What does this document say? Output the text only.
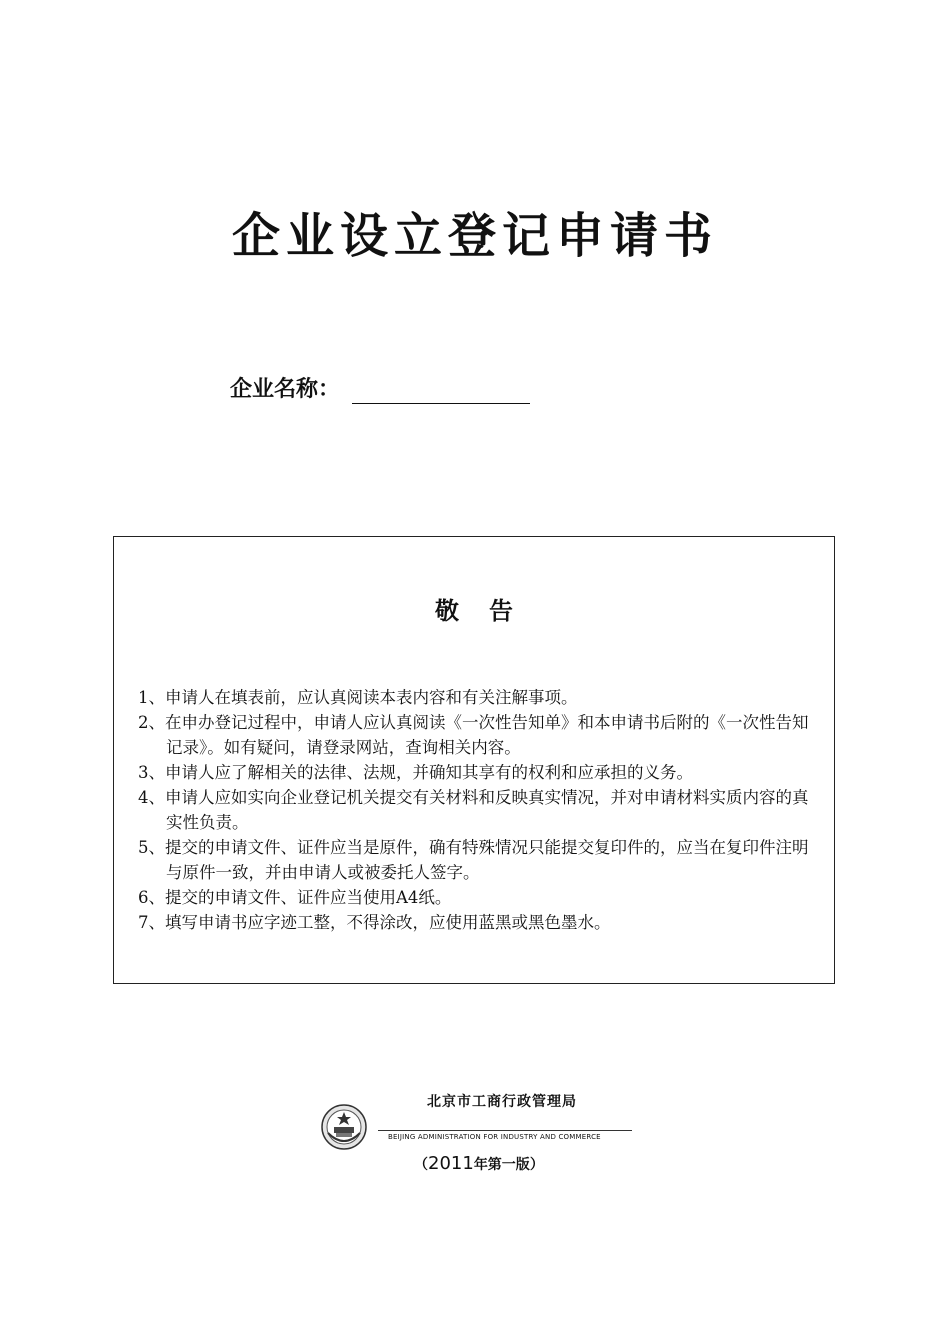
企业设立登记申请书
企业名称：
敬告
1、申请人在填表前，应认真阅读本表内容和有关注解事项。
2、在申办登记过程中，申请人应认真阅读《一次性告知单》和本申请书后附的《一次性告知记录》。如有疑问，请登录网站，查询相关内容。
3、申请人应了解相关的法律、法规，并确知其享有的权利和应承担的义务。
4、申请人应如实向企业登记机关提交有关材料和反映真实情况，并对申请材料实质内容的真实性负责。
5、提交的申请文件、证件应当是原件，确有特殊情况只能提交复印件的，应当在复印件注明与原件一致，并由申请人或被委托人签字。
6、提交的申请文件、证件应当使用A4纸。
7、填写申请书应字迹工整，不得涂改，应使用蓝黑或黑色墨水。
北京市工商行政管理局
BEIJING ADMINISTRATION FOR INDUSTRY AND COMMERCE
（2011年第一版）
